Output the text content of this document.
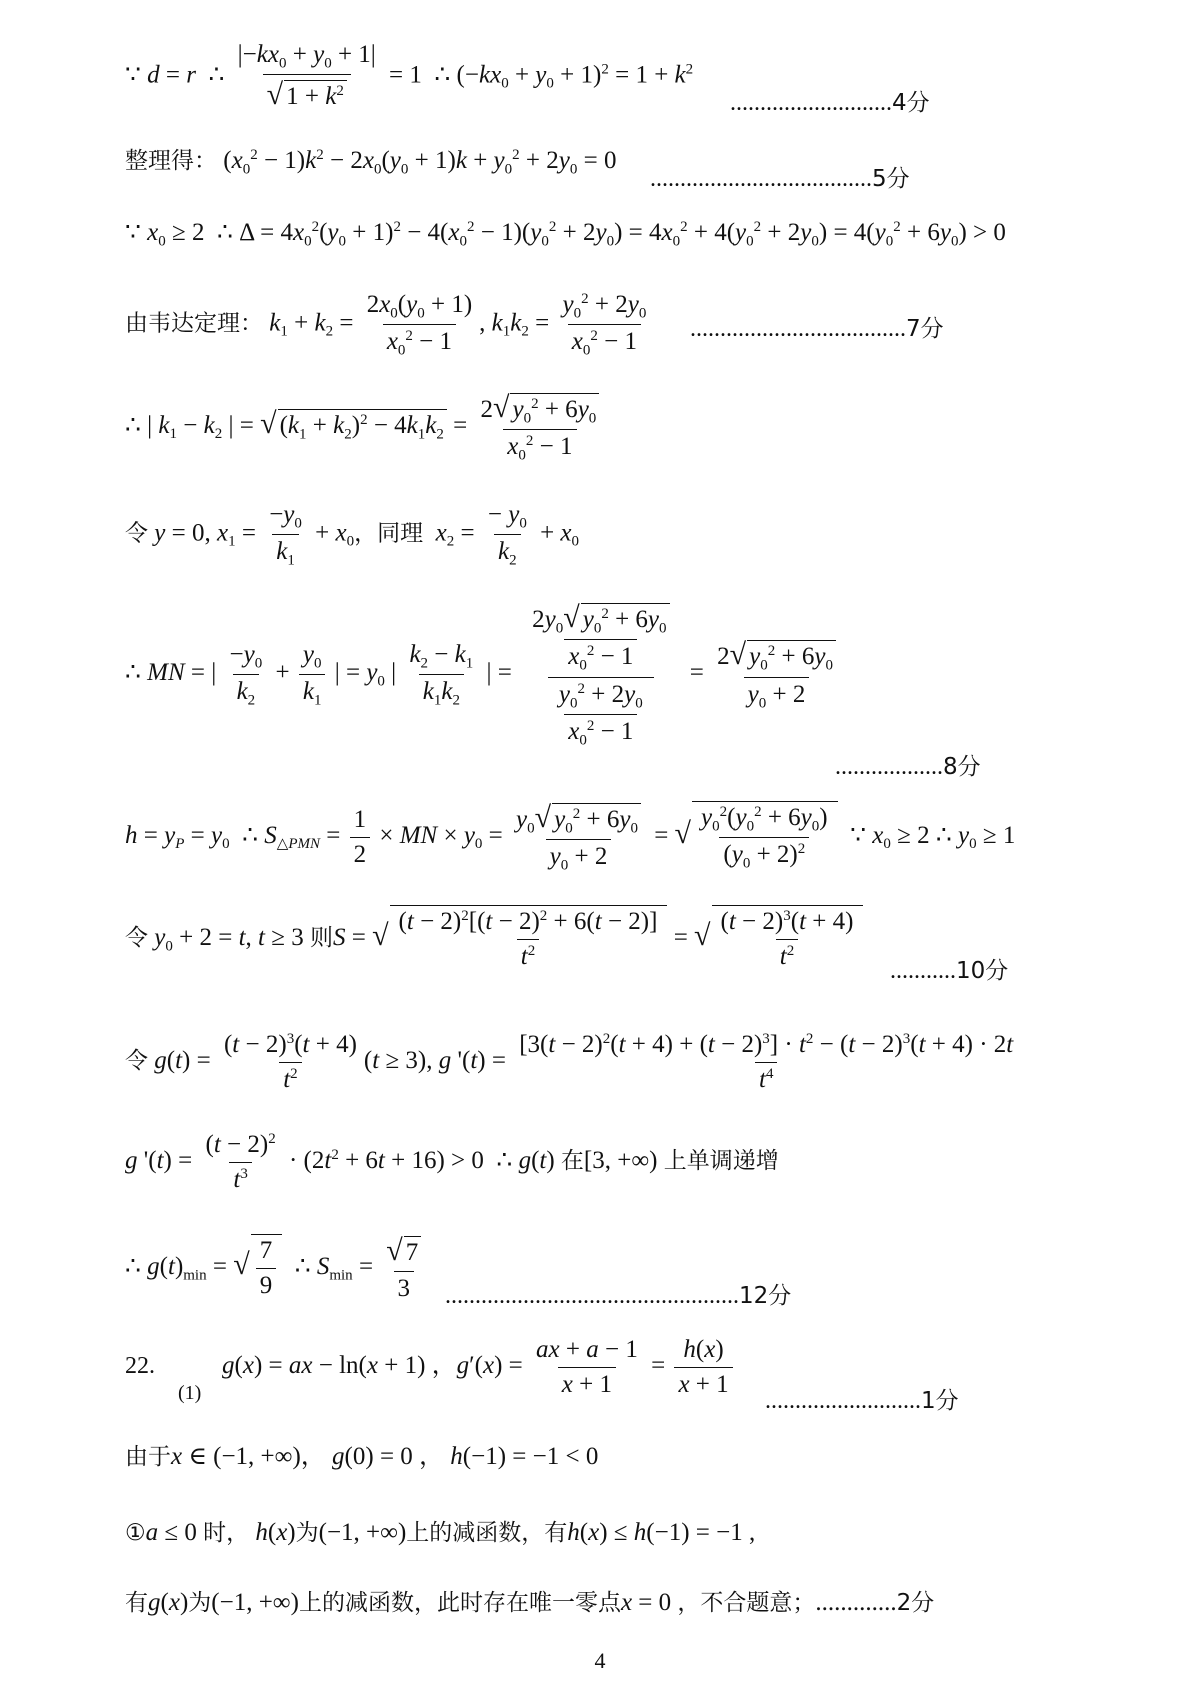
∵ d = r  ∴ $\frac{|-kx_0 + y_0 + 1|}{√ 1 + k^2} = 1$  ∴ $(-kx_0 + y_0 + 1)^2 = 1 + k^2$
...........................4分
整理得： $(x_0^2 - 1)k^2 - 2x_0(y_0 + 1)k + y_0^2 + 2y_0 = 0$
.....................................5分
∵ $x_0 \ge 2$  ∴ $\Delta = 4x_0^2(y_0 + 1)^2 - 4(x_0^2 - 1)(y_0^2 + 2y_0) = 4x_0^2 + 4(y_0^2 + 2y_0) = 4(y_0^2 + 6y_0) > 0$
由韦达定理： $k_1 + k_2 = \frac{2x_0(y_0 + 1)}{x_0^2 - 1}$ , $k_1k_2 = \frac{y_0^2 + 2y_0}{x_0^2 - 1} ....................................7$分
∴ | $k_1 - k_2$ | = √ $(k_1 + k_2)^2 - 4k_1k_2 = \frac{2√ y_0^2 + 6y_0}{x_0^2 - 1}$
令 y = 0, $x_1 = \frac{-y_0}{k_1} + x_0$，同理 $x_2 = \frac{- y_0}{k_2} + x_0$
∴ MN = | $\frac{-y_0}{k_2} + \frac{y_0}{k_1}$ | = $y_0$ | $\frac{k_2 - k_1}{k_1k_2}$ | = $\frac{\frac{2y_0√ y_0^2 + 6y_0}{x_0^2 - 1}}{\frac{y_0^2 + 2y_0}{x_0^2 - 1}} = \frac{2√ y_0^2 + 6y_0}{y_0 + 2}$
..................8分
$h = y_P = y_0$  ∴ $S_{\triangle PMN} = \frac{1}{2}$ × MN × $y_0 = \frac{y_0√ y_0^2 + 6y_0}{y_0 + 2}$ = √ $\frac{y_0^2(y_0^2 + 6y_0)}{(y_0 + 2)^2}$ ∵ $x_0 \ge 2$ ∴ $y_0 \ge 1$
令 $y_0 + 2 = t$, t ≥ 3 则S = √ $\frac{(t - 2)^2[(t - 2)^2 + 6(t - 2)]}{t^2}$ = √ $\frac{(t - 2)^3(t + 4)}{t^2} ...........10$分
令 $g(t) = \frac{(t - 2)^3(t + 4)}{t^2} (t \ge 3)$, g '$(t) = \frac{[3(t - 2)^2(t + 4) + (t - 2)^3] \cdot t^2 - (t - 2)^3(t + 4) \cdot 2t}{t^4}$
g '$(t) = \frac{(t - 2)^2}{t^3} \cdot (2t^2 + 6t + 16) > 0$  ∴ g(t) 在[3, +∞) 上单调递增
∴ $g(t)_{min}$ = √ $\frac{7}{9}$ ∴ $S_{min} = \frac{√ 7}{3} .................................................12$分
22.
(1)
g(x) = ax − ln(x + 1) ，$g'(x) = \frac{ax + a - 1}{x + 1} = \frac{h(x)}{x + 1}$
..........................1分
由于x ∈ (−1, +∞)， g(0) = 0 ， h(−1) = −1 < 0
①a ≤ 0 时， h(x)为(−1, +∞)上的减函数，有h(x) ≤ h(−1) = −1 ,
有g(x)为(−1, +∞)上的减函数，此时存在唯一零点x = 0 ，不合题意；.............2分
4
